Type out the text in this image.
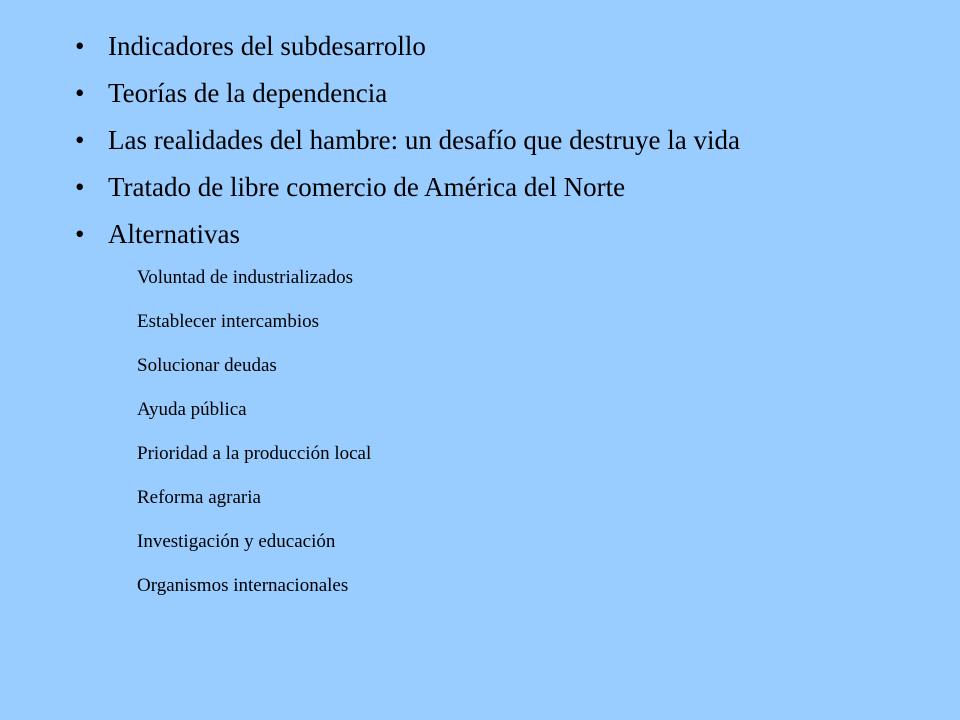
• Indicadores del subdesarrollo
• Teorías de la dependencia
• Las realidades del hambre: un desafío que destruye la vida
• Tratado de libre comercio de América del Norte
• Alternativas
Voluntad de industrializados
Establecer intercambios
Solucionar deudas
Ayuda pública
Prioridad a la producción local
Reforma agraria
Investigación y educación
Organismos internacionales
